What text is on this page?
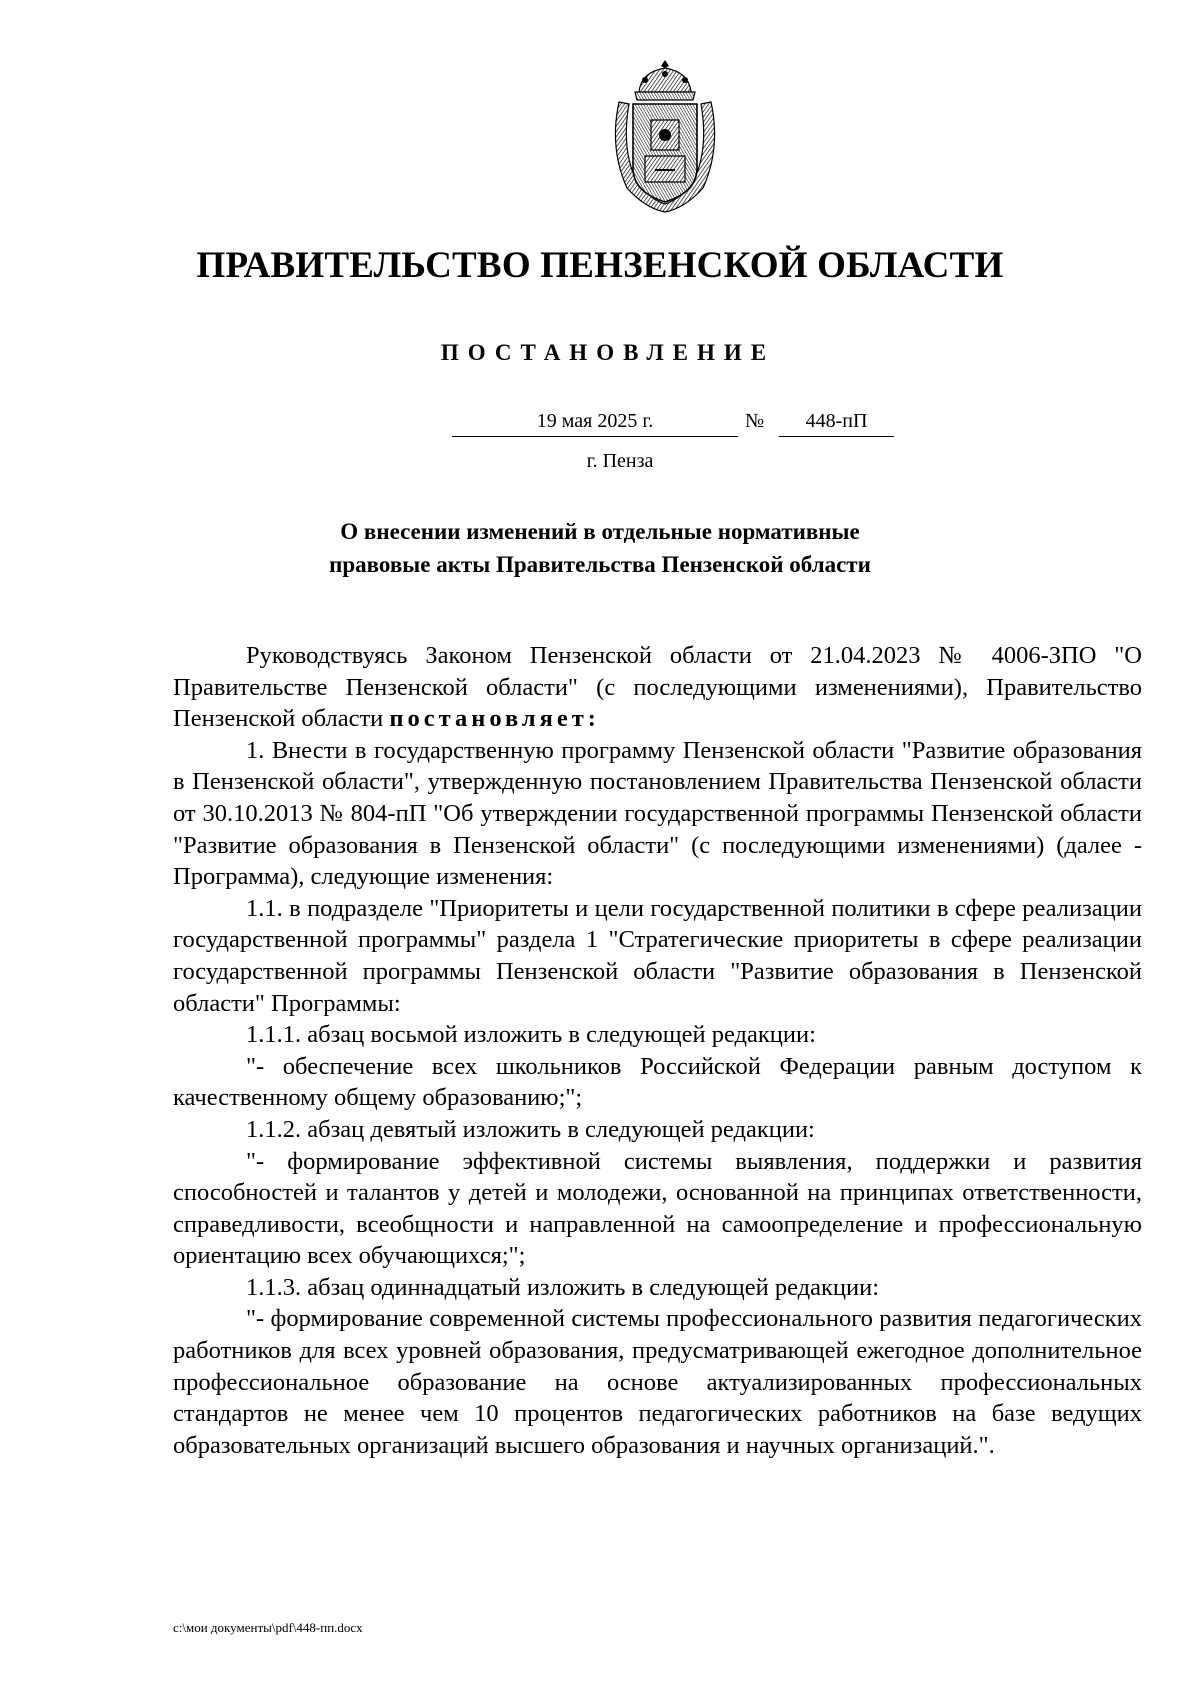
ПРАВИТЕЛЬСТВО ПЕНЗЕНСКОЙ ОБЛАСТИ
ПОСТАНОВЛЕНИЕ
19 мая 2025 г.	№	448-пП
г. Пенза
О внесении изменений в отдельные нормативные
правовые акты Правительства Пензенской области

Руководствуясь Законом Пензенской области от 21.04.2023 № 4006-ЗПО "О Правительстве Пензенской области" (с последующими изменениями), Правительство Пензенской области постановляет:

1. Внести в государственную программу Пензенской области "Развитие образования в Пензенской области", утвержденную постановлением Правительства Пензенской области от 30.10.2013 № 804-пП "Об утверждении государственной программы Пензенской области "Развитие образования в Пензенской области" (с последующими изменениями) (далее - Программа), следующие изменения:

1.1. в подразделе "Приоритеты и цели государственной политики в сфере реализации государственной программы" раздела 1 "Стратегические приоритеты в сфере реализации государственной программы Пензенской области "Развитие образования в Пензенской области" Программы:

1.1.1. абзац восьмой изложить в следующей редакции:

"- обеспечение всех школьников Российской Федерации равным доступом к качественному общему образованию;";

1.1.2. абзац девятый изложить в следующей редакции:

"- формирование эффективной системы выявления, поддержки и развития способностей и талантов у детей и молодежи, основанной на принципах ответственности, справедливости, всеобщности и направленной на самоопределение и профессиональную ориентацию всех обучающихся;";

1.1.3. абзац одиннадцатый изложить в следующей редакции:

"- формирование современной системы профессионального развития педагогических работников для всех уровней образования, предусматривающей ежегодное дополнительное профессиональное образование на основе актуализированных профессиональных стандартов не менее чем 10 процентов педагогических работников на базе ведущих образовательных организаций высшего образования и научных организаций.".

c:\мои документы\pdf\448-пп.docx
